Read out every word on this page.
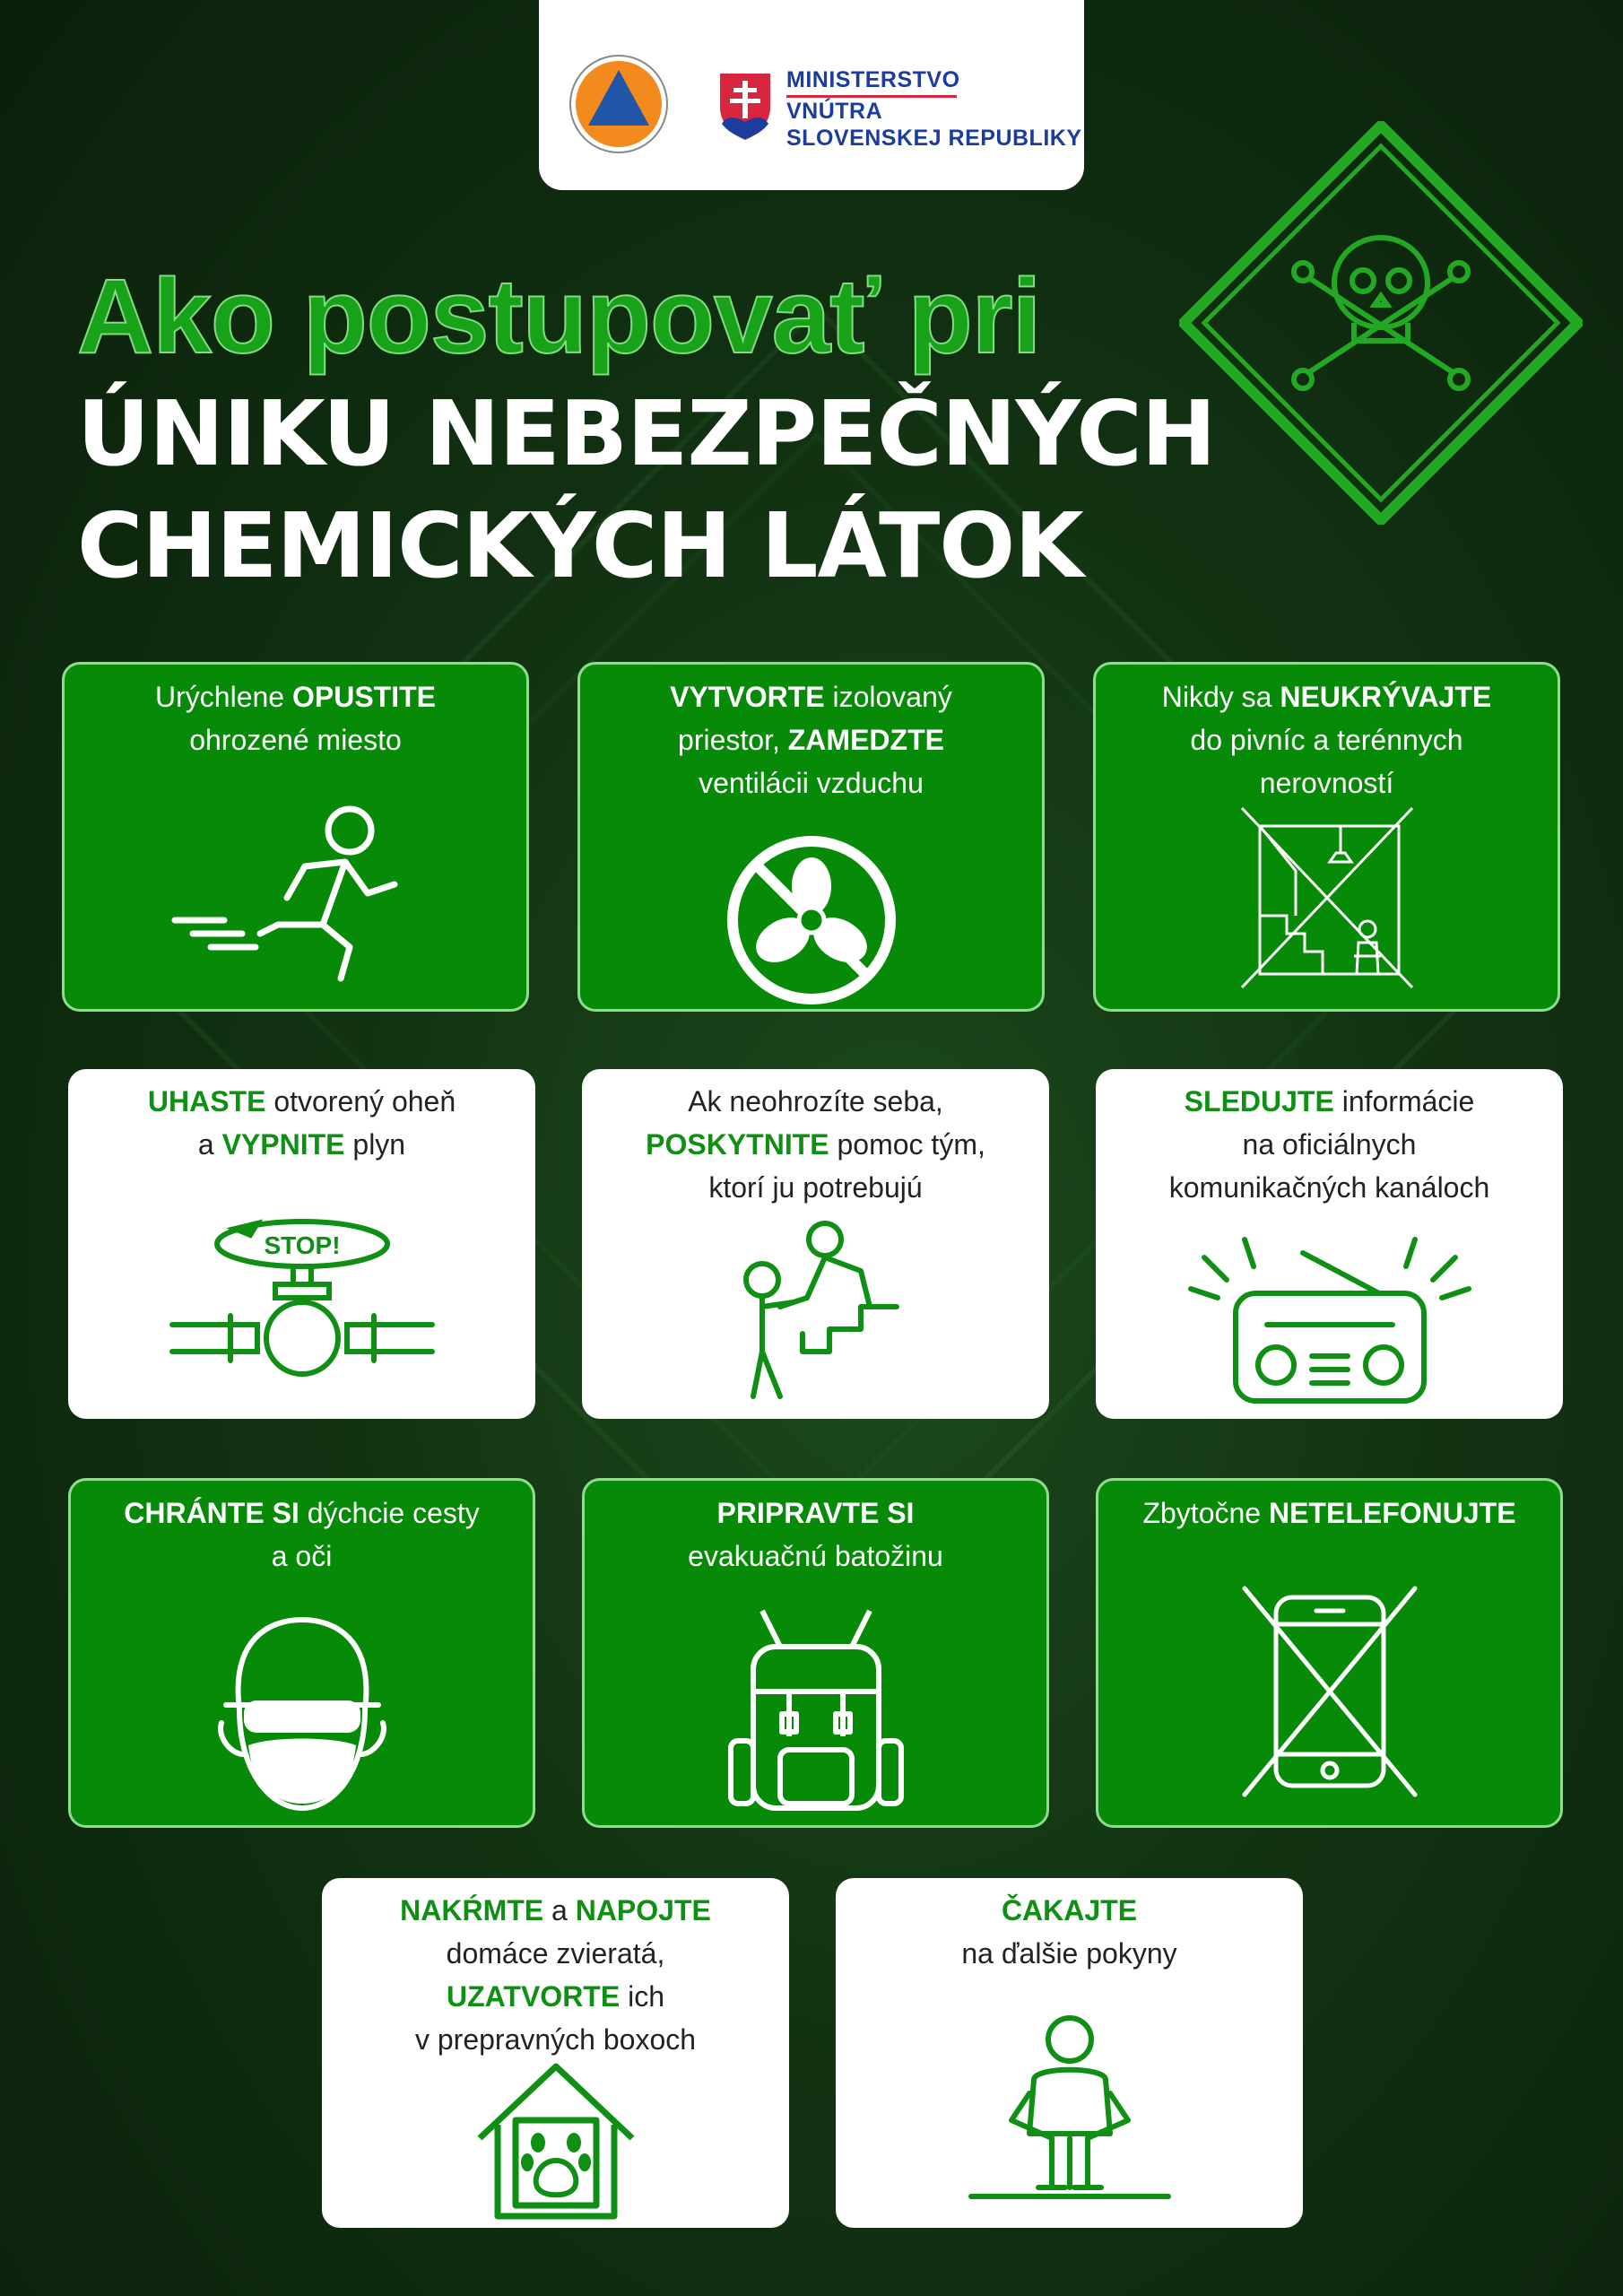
MINISTERSTVO
VNÚTRA
SLOVENSKEJ REPUBLIKY
Ako postupovať pri
ÚNIKU NEBEZPEČNÝCH
CHEMICKÝCH LÁTOK
Urýchlene OPUSTITE
ohrozené miesto
VYTVORTE izolovaný
priestor, ZAMEDZTE
ventilácii vzduchu
Nikdy sa NEUKRÝVAJTE
do pivníc a terénnych
nerovností
UHASTE otvorený oheň
a VYPNITE plyn
STOP!
Ak neohrozíte seba,
POSKYTNITE pomoc tým,
ktorí ju potrebujú
SLEDUJTE informácie
na oficiálnych
komunikačných kanáloch
CHRÁNTE SI dýchcie cesty
a oči
PRIPRAVTE SI
evakuačnú batožinu
Zbytočne NETELEFONUJTE
NAKŔMTE a NAPOJTE
domáce zvieratá,
UZATVORTE ich
v prepravných boxoch
ČAKAJTE
na ďalšie pokyny
